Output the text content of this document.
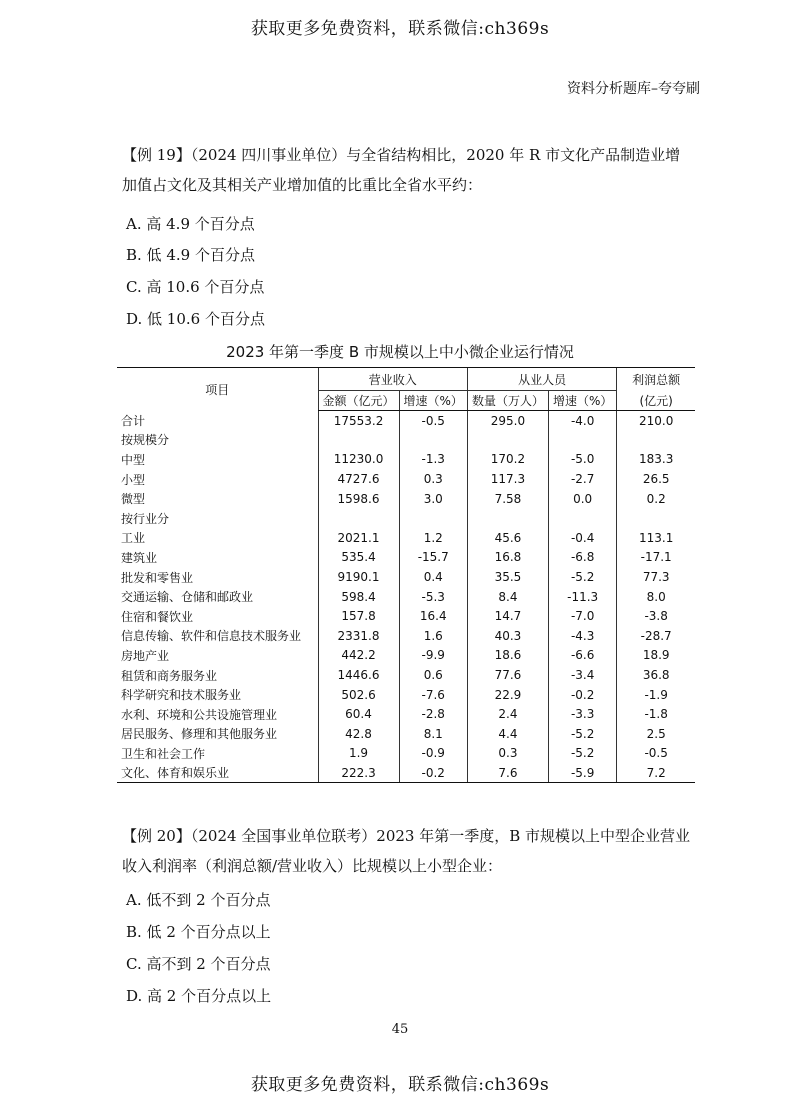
获取更多免费资料，联系微信:ch369s
资料分析题库–夸夸刷
【例 19】（2024 四川事业单位）与全省结构相比，2020 年 R 市文化产品制造业增加值占文化及其相关产业增加值的比重比全省水平约：
A. 高 4.9 个百分点
B. 低 4.9 个百分点
C. 高 10.6 个百分点
D. 低 10.6 个百分点
2023 年第一季度 B 市规模以上中小微企业运行情况
项目	营业收入		从业人员		利润总额
	金额（亿元）	增速（%）	数量（万人）	增速（%）	(亿元)
合计	17553.2	-0.5	295.0	-4.0	210.0
按规模分					
中型	11230.0	-1.3	170.2	-5.0	183.3
小型	4727.6	0.3	117.3	-2.7	26.5
微型	1598.6	3.0	7.58	0.0	0.2
按行业分					
工业	2021.1	1.2	45.6	-0.4	113.1
建筑业	535.4	-15.7	16.8	-6.8	-17.1
批发和零售业	9190.1	0.4	35.5	-5.2	77.3
交通运输、仓储和邮政业	598.4	-5.3	8.4	-11.3	8.0
住宿和餐饮业	157.8	16.4	14.7	-7.0	-3.8
信息传输、软件和信息技术服务业	2331.8	1.6	40.3	-4.3	-28.7
房地产业	442.2	-9.9	18.6	-6.6	18.9
租赁和商务服务业	1446.6	0.6	77.6	-3.4	36.8
科学研究和技术服务业	502.6	-7.6	22.9	-0.2	-1.9
水利、环境和公共设施管理业	60.4	-2.8	2.4	-3.3	-1.8
居民服务、修理和其他服务业	42.8	8.1	4.4	-5.2	2.5
卫生和社会工作	1.9	-0.9	0.3	-5.2	-0.5
文化、体育和娱乐业	222.3	-0.2	7.6	-5.9	7.2
【例 20】（2024 全国事业单位联考）2023 年第一季度，B 市规模以上中型企业营业收入利润率（利润总额/营业收入）比规模以上小型企业：
A. 低不到 2 个百分点
B. 低 2 个百分点以上
C. 高不到 2 个百分点
D. 高 2 个百分点以上
45
获取更多免费资料，联系微信:ch369s
